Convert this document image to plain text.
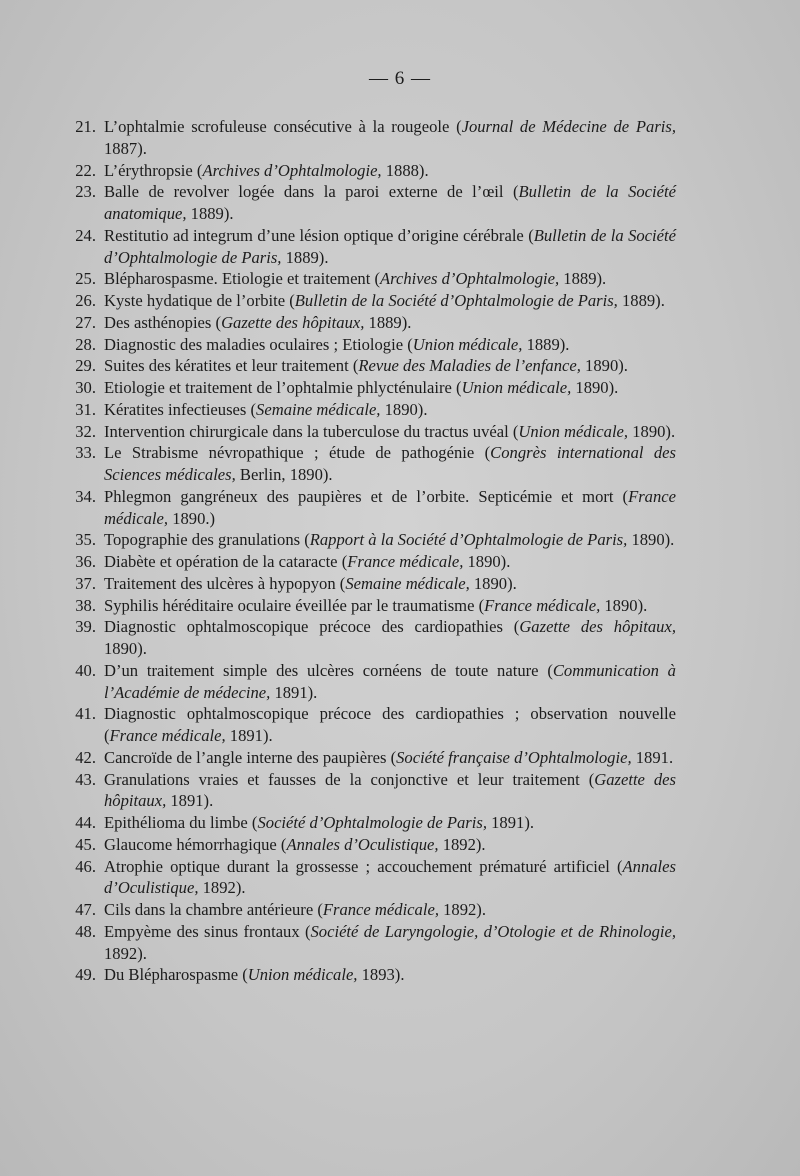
— 6 —
21. L’ophtalmie scrofuleuse consécutive à la rougeole (Journal de Médecine de Paris, 1887).
22. L’érythropsie (Archives d’Ophtalmologie, 1888).
23. Balle de revolver logée dans la paroi externe de l’œil (Bulletin de la Société anatomique, 1889).
24. Restitutio ad integrum d’une lésion optique d’origine cérébrale (Bulletin de la Société d’Ophtalmologie de Paris, 1889).
25. Blépharospasme. Etiologie et traitement (Archives d’Ophtalmologie, 1889).
26. Kyste hydatique de l’orbite (Bulletin de la Société d’Ophtalmologie de Paris, 1889).
27. Des asthénopies (Gazette des hôpitaux, 1889).
28. Diagnostic des maladies oculaires ; Etiologie (Union médicale, 1889).
29. Suites des kératites et leur traitement (Revue des Maladies de l’enfance, 1890).
30. Etiologie et traitement de l’ophtalmie phlycténulaire (Union médicale, 1890).
31. Kératites infectieuses (Semaine médicale, 1890).
32. Intervention chirurgicale dans la tuberculose du tractus uvéal (Union médicale, 1890).
33. Le Strabisme névropathique ; étude de pathogénie (Congrès international des Sciences médicales, Berlin, 1890).
34. Phlegmon gangréneux des paupières et de l’orbite. Septicémie et mort (France médicale, 1890.)
35. Topographie des granulations (Rapport à la Société d’Ophtalmologie de Paris, 1890).
36. Diabète et opération de la cataracte (France médicale, 1890).
37. Traitement des ulcères à hypopyon (Semaine médicale, 1890).
38. Syphilis héréditaire oculaire éveillée par le traumatisme (France médicale, 1890).
39. Diagnostic ophtalmoscopique précoce des cardiopathies (Gazette des hôpitaux, 1890).
40. D’un traitement simple des ulcères cornéens de toute nature (Communication à l’Académie de médecine, 1891).
41. Diagnostic ophtalmoscopique précoce des cardiopathies ; observation nouvelle (France médicale, 1891).
42. Cancroïde de l’angle interne des paupières (Société française d’Ophtalmologie, 1891.
43. Granulations vraies et fausses de la conjonctive et leur traitement (Gazette des hôpitaux, 1891).
44. Epithélioma du limbe (Société d’Ophtalmologie de Paris, 1891).
45. Glaucome hémorrhagique (Annales d’Oculistique, 1892).
46. Atrophie optique durant la grossesse ; accouchement prématuré artificiel (Annales d’Oculistique, 1892).
47. Cils dans la chambre antérieure (France médicale, 1892).
48. Empyème des sinus frontaux (Société de Laryngologie, d’Otologie et de Rhinologie, 1892).
49. Du Blépharospasme (Union médicale, 1893).
